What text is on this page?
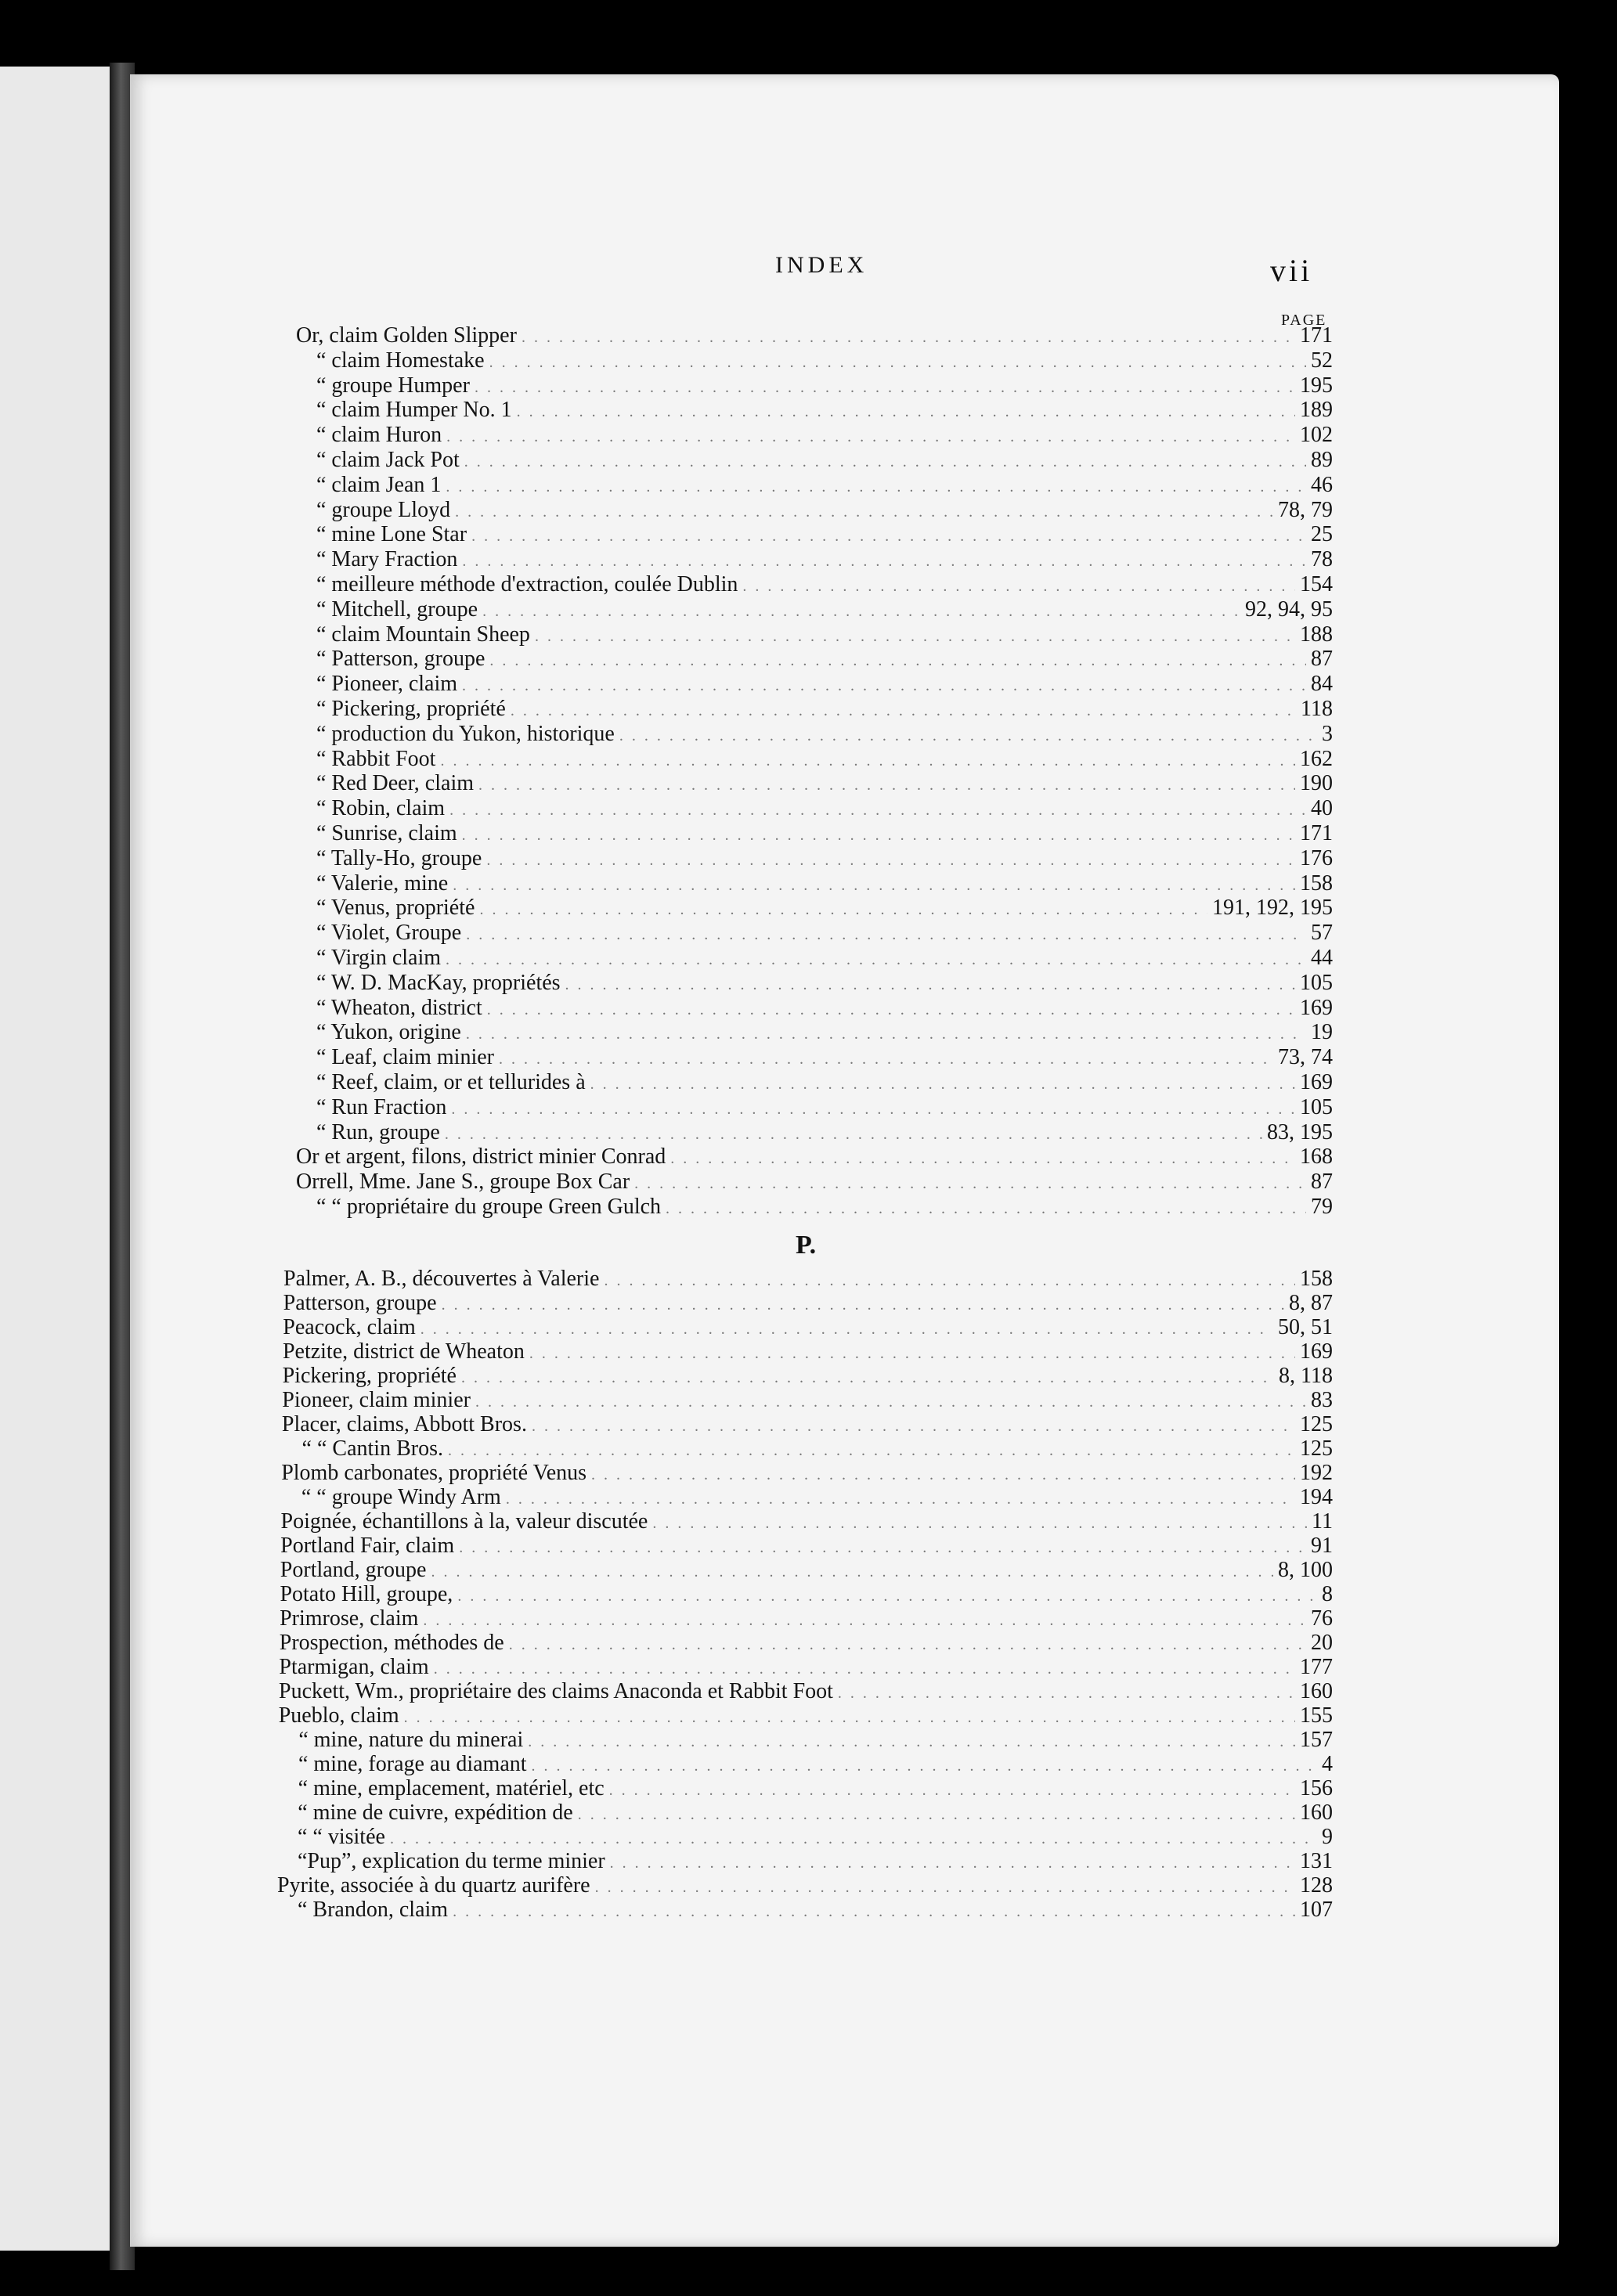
INDEX	vii
PAGE
P.
Or, claim Golden Slipper . . .	171
“ claim Homestake . . .	52
“ groupe Humper . . .	195
“ claim Humper No. 1 . . .	189
“ claim Huron . . .	102
“ claim Jack Pot . . .	89
“ claim Jean 1 . . .	46
“ groupe Lloyd . . .	78, 79
“ mine Lone Star . . .	25
“ Mary Fraction . . .	78
“ meilleure méthode d'extraction, coulée Dublin . . .	154
“ Mitchell, groupe . . .	92, 94, 95
“ claim Mountain Sheep . . .	188
“ Patterson, groupe . . .	87
“ Pioneer, claim . . .	84
“ Pickering, propriété . . .	118
“ production du Yukon, historique . . .	3
“ Rabbit Foot . . .	162
“ Red Deer, claim . . .	190
“ Robin, claim . . .	40
“ Sunrise, claim . . .	171
“ Tally-Ho, groupe . . .	176
“ Valerie, mine . . .	158
“ Venus, propriété . . .	191, 192, 195
“ Violet, Groupe . . .	57
“ Virgin claim . . .	44
“ W. D. MacKay, propriétés . . .	105
“ Wheaton, district . . .	169
“ Yukon, origine . . .	19
“ Leaf, claim minier . . .	73, 74
“ Reef, claim, or et tellurides à . . .	169
“ Run Fraction . . .	105
“ Run, groupe . . .	83, 195
Or et argent, filons, district minier Conrad . . .	168
Orrell, Mme. Jane S., groupe Box Car . . .	87
“ “ propriétaire du groupe Green Gulch . . .	79
Palmer, A. B., découvertes à Valerie . . .	158
Patterson, groupe . . .	8, 87
Peacock, claim . . .	50, 51
Petzite, district de Wheaton . . .	169
Pickering, propriété . . .	8, 118
Pioneer, claim minier . . .	83
Placer, claims, Abbott Bros. . . .	125
“ “ Cantin Bros. . . .	125
Plomb carbonates, propriété Venus . . .	192
“ “ groupe Windy Arm . . .	194
Poignée, échantillons à la, valeur discutée . . .	11
Portland Fair, claim . . .	91
Portland, groupe . . .	8, 100
Potato Hill, groupe, . . .	8
Primrose, claim . . .	76
Prospection, méthodes de . . .	20
Ptarmigan, claim . . .	177
Puckett, Wm., propriétaire des claims Anaconda et Rabbit Foot . . .	160
Pueblo, claim . . .	155
“ mine, nature du minerai . . .	157
“ mine, forage au diamant . . .	4
“ mine, emplacement, matériel, etc . . .	156
“ mine de cuivre, expédition de . . .	160
“ “ visitée . . .	9
“Pup”, explication du terme minier . . .	131
Pyrite, associée à du quartz aurifère . . .	128
“ Brandon, claim . . .	107
